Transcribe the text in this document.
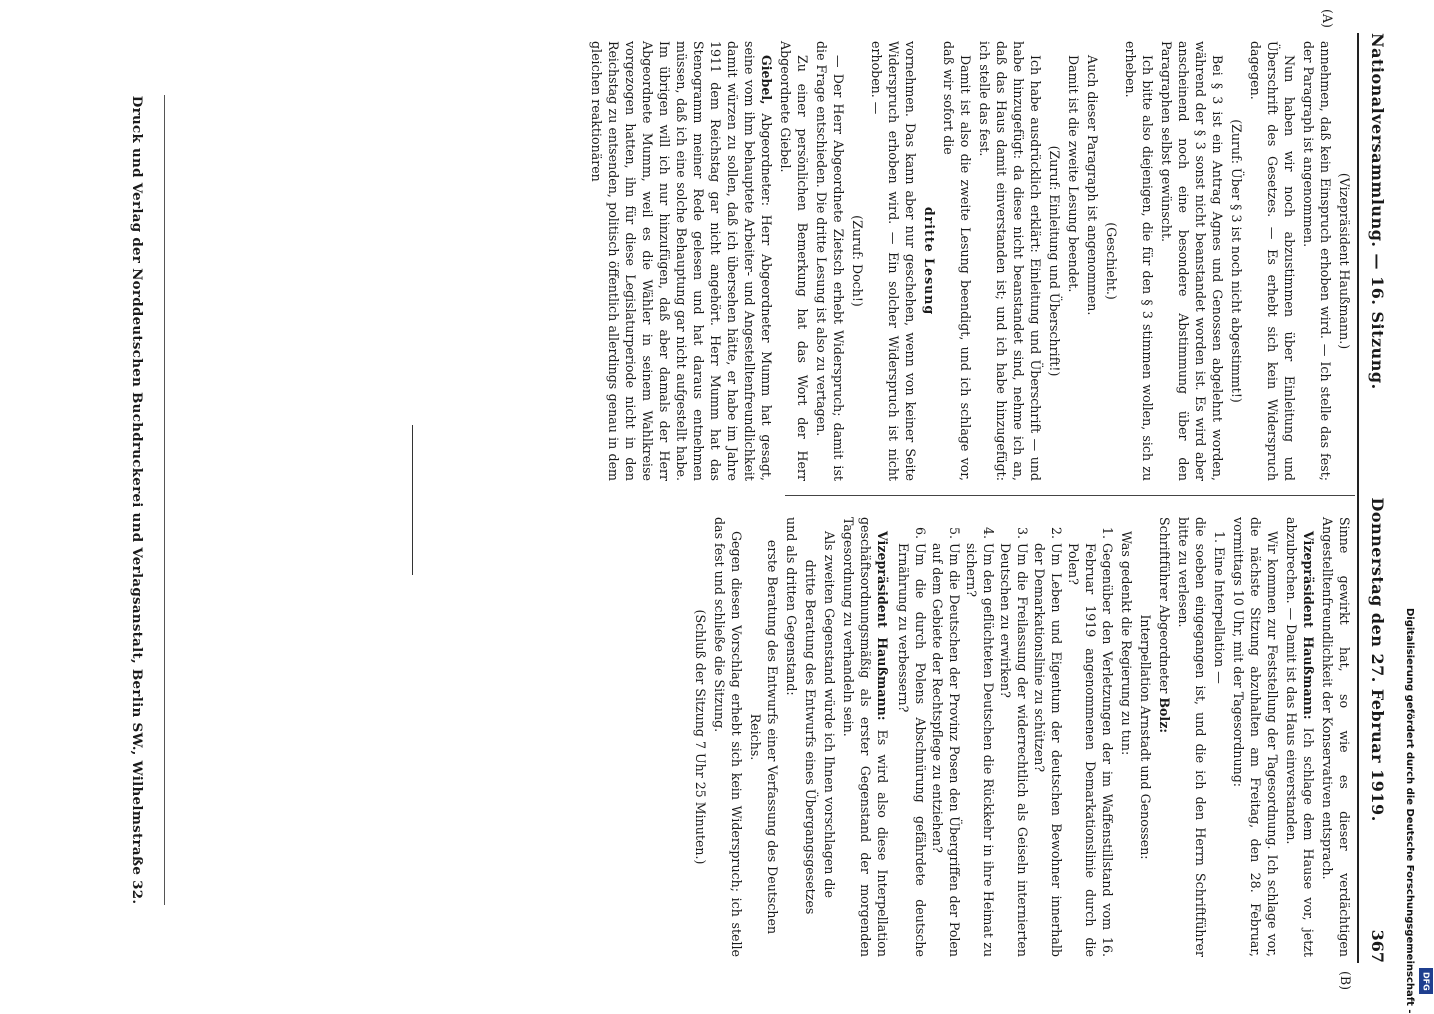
Nationalversammlung. — 16. Sitzung.
Donnerstag den 27. Februar 1919.
367
(A)
(B)

(Vizepräsident Haußmann.)

annehmen, daß kein Einspruch erhoben wird. — Ich stelle das fest; der Paragraph ist angenommen.

Nun haben wir noch abzustimmen über Einleitung und Überschrift des Gesetzes. — Es erhebt sich kein Widerspruch dagegen.

(Zuruf: Über § 3 ist noch nicht abgestimmt!)

Bei § 3 ist ein Antrag Agnes und Genossen abgelehnt worden, während der § 3 sonst nicht beanstandet worden ist. Es wird aber anscheinend noch eine besondere Abstimmung über den Paragraphen selbst gewünscht.

Ich bitte also diejenigen, die für den § 3 stimmen wollen, sich zu erheben.

(Geschieht.)

Auch dieser Paragraph ist angenommen.

Damit ist die zweite Lesung beendet.

(Zuruf: Einleitung und Überschrift!)

Ich habe ausdrücklich erklärt: Einleitung und Überschrift — und habe hinzugefügt: da diese nicht beanstandet sind, nehme ich an, daß das Haus damit einverstanden ist; und ich habe hinzugefügt: ich stelle das fest.

Damit ist also die zweite Lesung beendigt, und ich schlage vor, daß wir sofort die

dritte Lesung

vornehmen. Das kann aber nur geschehen, wenn von keiner Seite Widerspruch erhoben wird. — Ein solcher Widerspruch ist nicht erhoben. —

(Zuruf: Doch!)

— Der Herr Abgeordnete Zietsch erhebt Widerspruch; damit ist die Frage entschieden. Die dritte Lesung ist also zu vertagen.

Zu einer persönlichen Bemerkung hat das Wort der Herr Abgeordnete Giebel.

Giebel, Abgeordneter: Herr Abgeordneter Mumm hat gesagt, seine vom ihm behauptete Arbeiter- und Angestelltenfreundlichkeit damit würzen zu sollen, daß ich übersehen hätte, er habe im Jahre 1911 dem Reichstag gar nicht angehört. Herr Mumm hat das Stenogramm meiner Rede gelesen und hat daraus entnehmen müssen, daß ich eine solche Behauptung gar nicht aufgestellt habe. Im übrigen will ich nur hinzufügen, daß aber damals der Herr Abgeordnete Mumm, weil es die Wähler in seinem Wahlkreise vorgezogen hatten, ihn für diese Legislaturperiode nicht in den Reichstag zu entsenden, politisch öffentlich allerdings genau in dem gleichen reaktionären

Sinne gewirkt hat, so wie es dieser verdächtigen Angestelltenfreundlichkeit der Konservativen entsprach.

Vizepräsident Haußmann: Ich schlage dem Hause vor, jetzt abzubrechen. — Damit ist das Haus einverstanden.

Wir kommen zur Feststellung der Tagesordnung. Ich schlage vor, die nächste Sitzung abzuhalten am Freitag, den 28. Februar, vormittags 10 Uhr, mit der Tagesordnung:

1. Eine Interpellation —

die soeben eingegangen ist, und die ich den Herrn Schriftführer bitte zu verlesen.

Schriftführer Abgeordneter Bolz:

Interpellation Arnstadt und Genossen:

Was gedenkt die Regierung zu tun:

1. Gegenüber den Verletzungen der im Waffenstillstand vom 16. Februar 1919 angenommenen Demarkationslinie durch die Polen?
2. Um Leben und Eigentum der deutschen Bewohner innerhalb der Demarkationslinie zu schützen?
3. Um die Freilassung der widerrechtlich als Geiseln internierten Deutschen zu erwirken?
4. Um den geflüchteten Deutschen die Rückkehr in ihre Heimat zu sichern?
5. Um die Deutschen der Provinz Posen den Übergriffen der Polen auf dem Gebiete der Rechtspflege zu entziehen?
6. Um die durch Polens Abschnürung gefährdete deutsche Ernährung zu verbessern?

Vizepräsident Haußmann: Es wird also diese Interpellation geschäftsordnungsmäßig als erster Gegenstand der morgenden Tagesordnung zu verhandeln sein.

Als zweiten Gegenstand würde ich Ihnen vorschlagen die

dritte Beratung des Entwurfs eines Übergangsgesetzes

und als dritten Gegenstand:

erste Beratung des Entwurfs einer Verfassung des Deutschen Reichs.

Gegen diesen Vorschlag erhebt sich kein Widerspruch; ich stelle das fest und schließe die Sitzung.

(Schluß der Sitzung 7 Uhr 25 Minuten.)

Druck und Verlag der Norddeutschen Buchdruckerei und Verlagsanstalt, Berlin SW., Wilhelmstraße 32.	Digitalisierung gefördert durch die Deutsche Forschungsgemeinschaft - DFG
